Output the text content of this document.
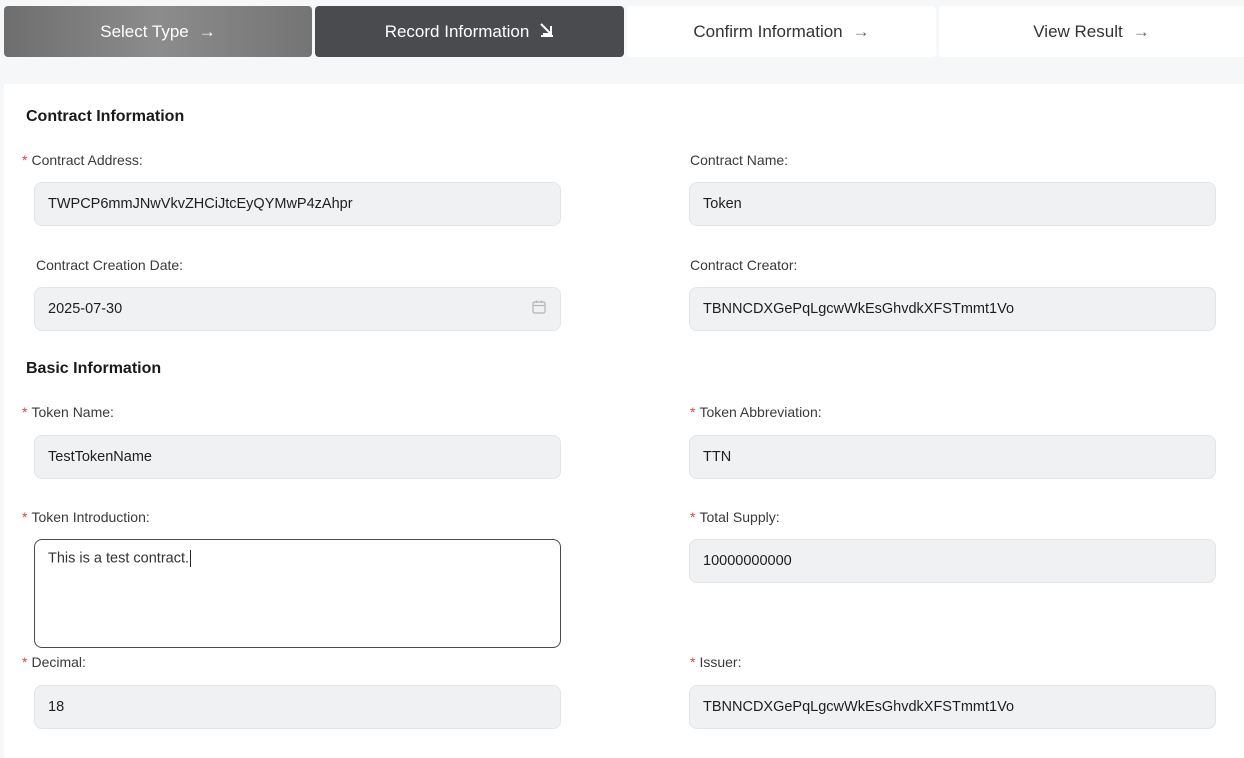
Select Type →	Record Information	Confirm Information →	View Result →
Contract Information
* Contract Address:
TWPCP6mmJNwVkvZHCiJtcEyQYMwP4zAhpr
Contract Name:
Token
Contract Creation Date:
2025-07-30
Contract Creator:
TBNNCDXGePqLgcwWkEsGhvdkXFSTmmt1Vo
Basic Information
* Token Name:
TestTokenName
* Token Abbreviation:
TTN
* Token Introduction:
This is a test contract.
* Total Supply:
10000000000
* Decimal:
18
* Issuer:
TBNNCDXGePqLgcwWkEsGhvdkXFSTmmt1Vo
